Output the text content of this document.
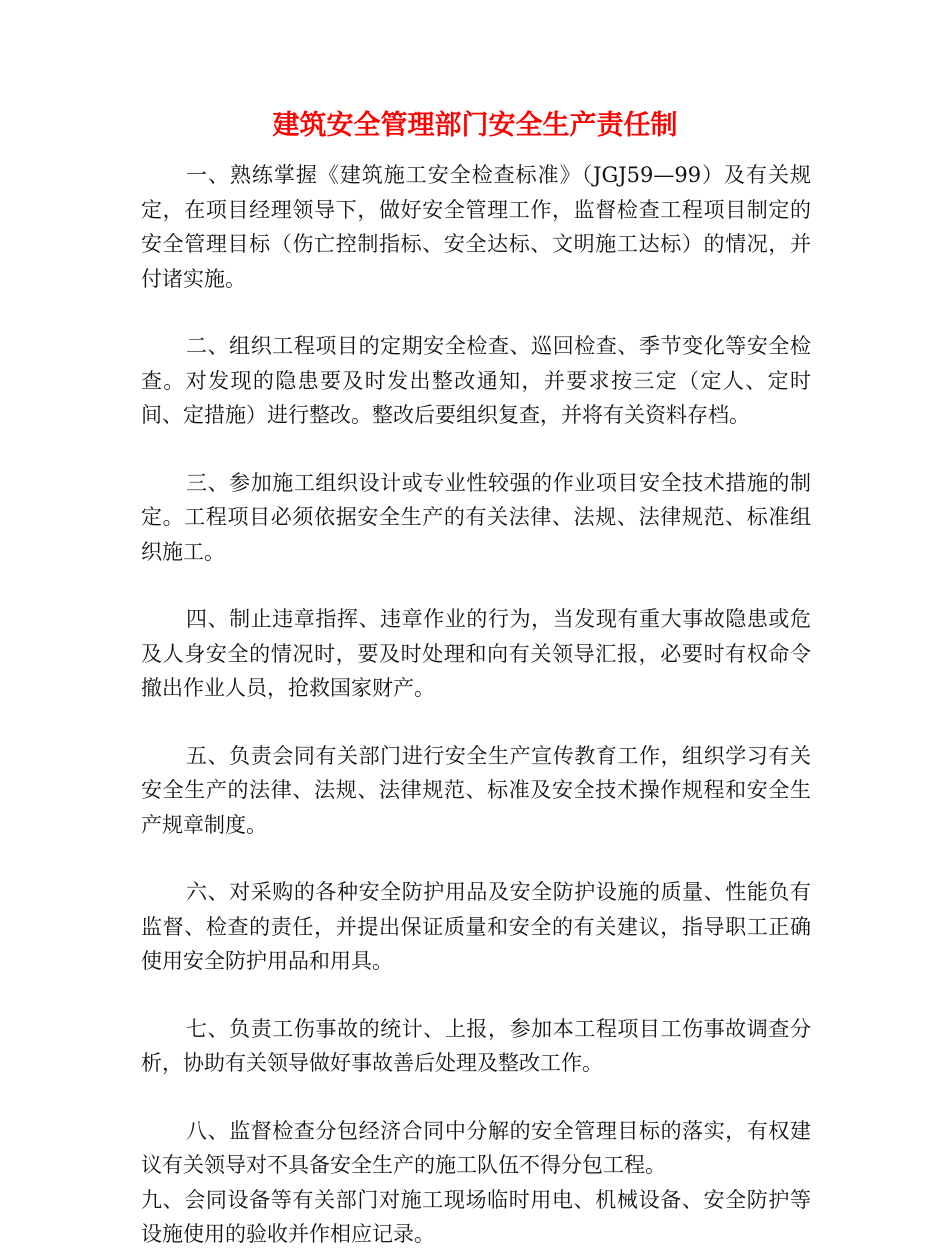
建筑安全管理部门安全生产责任制

一、熟练掌握《建筑施工安全检查标准》（JGJ59—99）及有关规定，在项目经理领导下，做好安全管理工作，监督检查工程项目制定的安全管理目标（伤亡控制指标、安全达标、文明施工达标）的情况，并付诸实施。

二、组织工程项目的定期安全检查、巡回检查、季节变化等安全检查。对发现的隐患要及时发出整改通知，并要求按三定（定人、定时间、定措施）进行整改。整改后要组织复查，并将有关资料存档。

三、参加施工组织设计或专业性较强的作业项目安全技术措施的制定。工程项目必须依据安全生产的有关法律、法规、法律规范、标准组织施工。

四、制止违章指挥、违章作业的行为，当发现有重大事故隐患或危及人身安全的情况时，要及时处理和向有关领导汇报，必要时有权命令撤出作业人员，抢救国家财产。

五、负责会同有关部门进行安全生产宣传教育工作，组织学习有关安全生产的法律、法规、法律规范、标准及安全技术操作规程和安全生产规章制度。

六、对采购的各种安全防护用品及安全防护设施的质量、性能负有监督、检查的责任，并提出保证质量和安全的有关建议，指导职工正确使用安全防护用品和用具。

七、负责工伤事故的统计、上报，参加本工程项目工伤事故调查分析，协助有关领导做好事故善后处理及整改工作。

八、监督检查分包经济合同中分解的安全管理目标的落实，有权建议有关领导对不具备安全生产的施工队伍不得分包工程。

九、会同设备等有关部门对施工现场临时用电、机械设备、安全防护等设施使用的验收并作相应记录。
